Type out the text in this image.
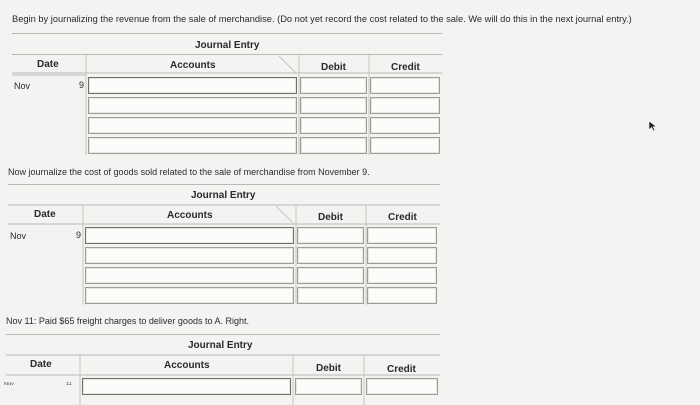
Begin by journalizing the revenue from the sale of merchandise. (Do not yet record the cost related to the sale. We will do this in the next journal entry.)
Journal Entry
Date	Accounts	Debit	Credit
Nov	9
Now journalize the cost of goods sold related to the sale of merchandise from November 9.
Journal Entry
Date	Accounts	Debit	Credit
Nov	9
Nov 11: Paid $65 freight charges to deliver goods to A. Right.
Journal Entry
Date	Accounts	Debit	Credit
Nov	11
